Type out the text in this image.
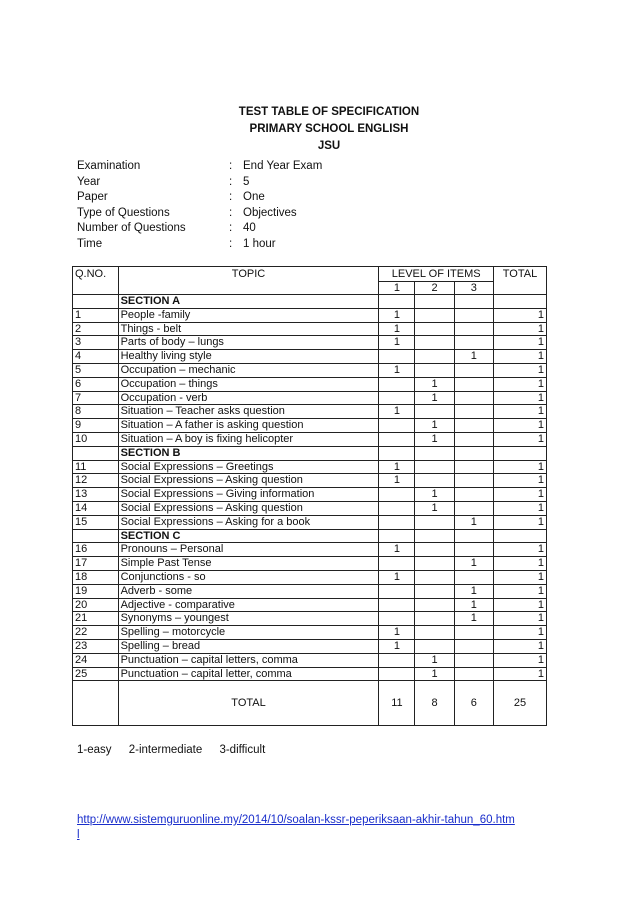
TEST TABLE OF SPECIFICATION
PRIMARY SCHOOL ENGLISH
JSU
Examination	: End Year Exam
Year	: 5
Paper	: One
Type of Questions	: Objectives
Number of Questions	: 40
Time	: 1 hour
Q.NO.	TOPIC	LEVEL OF ITEMS			TOTAL
		1	2	3	
	SECTION A				
1	People -family	1			1
2	Things - belt	1			1
3	Parts of body – lungs	1			1
4	Healthy living style			1	1
5	Occupation – mechanic	1			1
6	Occupation – things		1		1
7	Occupation - verb		1		1
8	Situation – Teacher asks question	1			1
9	Situation – A father is asking question		1		1
10	Situation – A boy is fixing helicopter		1		1
	SECTION B				
11	Social Expressions – Greetings	1			1
12	Social Expressions – Asking question	1			1
13	Social Expressions – Giving information		1		1
14	Social Expressions – Asking question		1		1
15	Social Expressions – Asking for a book			1	1
	SECTION C				
16	Pronouns – Personal	1			1
17	Simple Past Tense			1	1
18	Conjunctions - so	1			1
19	Adverb - some			1	1
20	Adjective - comparative			1	1
21	Synonyms – youngest			1	1
22	Spelling – motorcycle	1			1
23	Spelling – bread	1			1
24	Punctuation – capital letters, comma		1		1
25	Punctuation – capital letter, comma		1		1
	TOTAL	11	8	6	25
1-easy 2-intermediate 3-difficult
http://www.sistemguruonline.my/2014/10/soalan-kssr-peperiksaan-akhir-tahun_60.html
